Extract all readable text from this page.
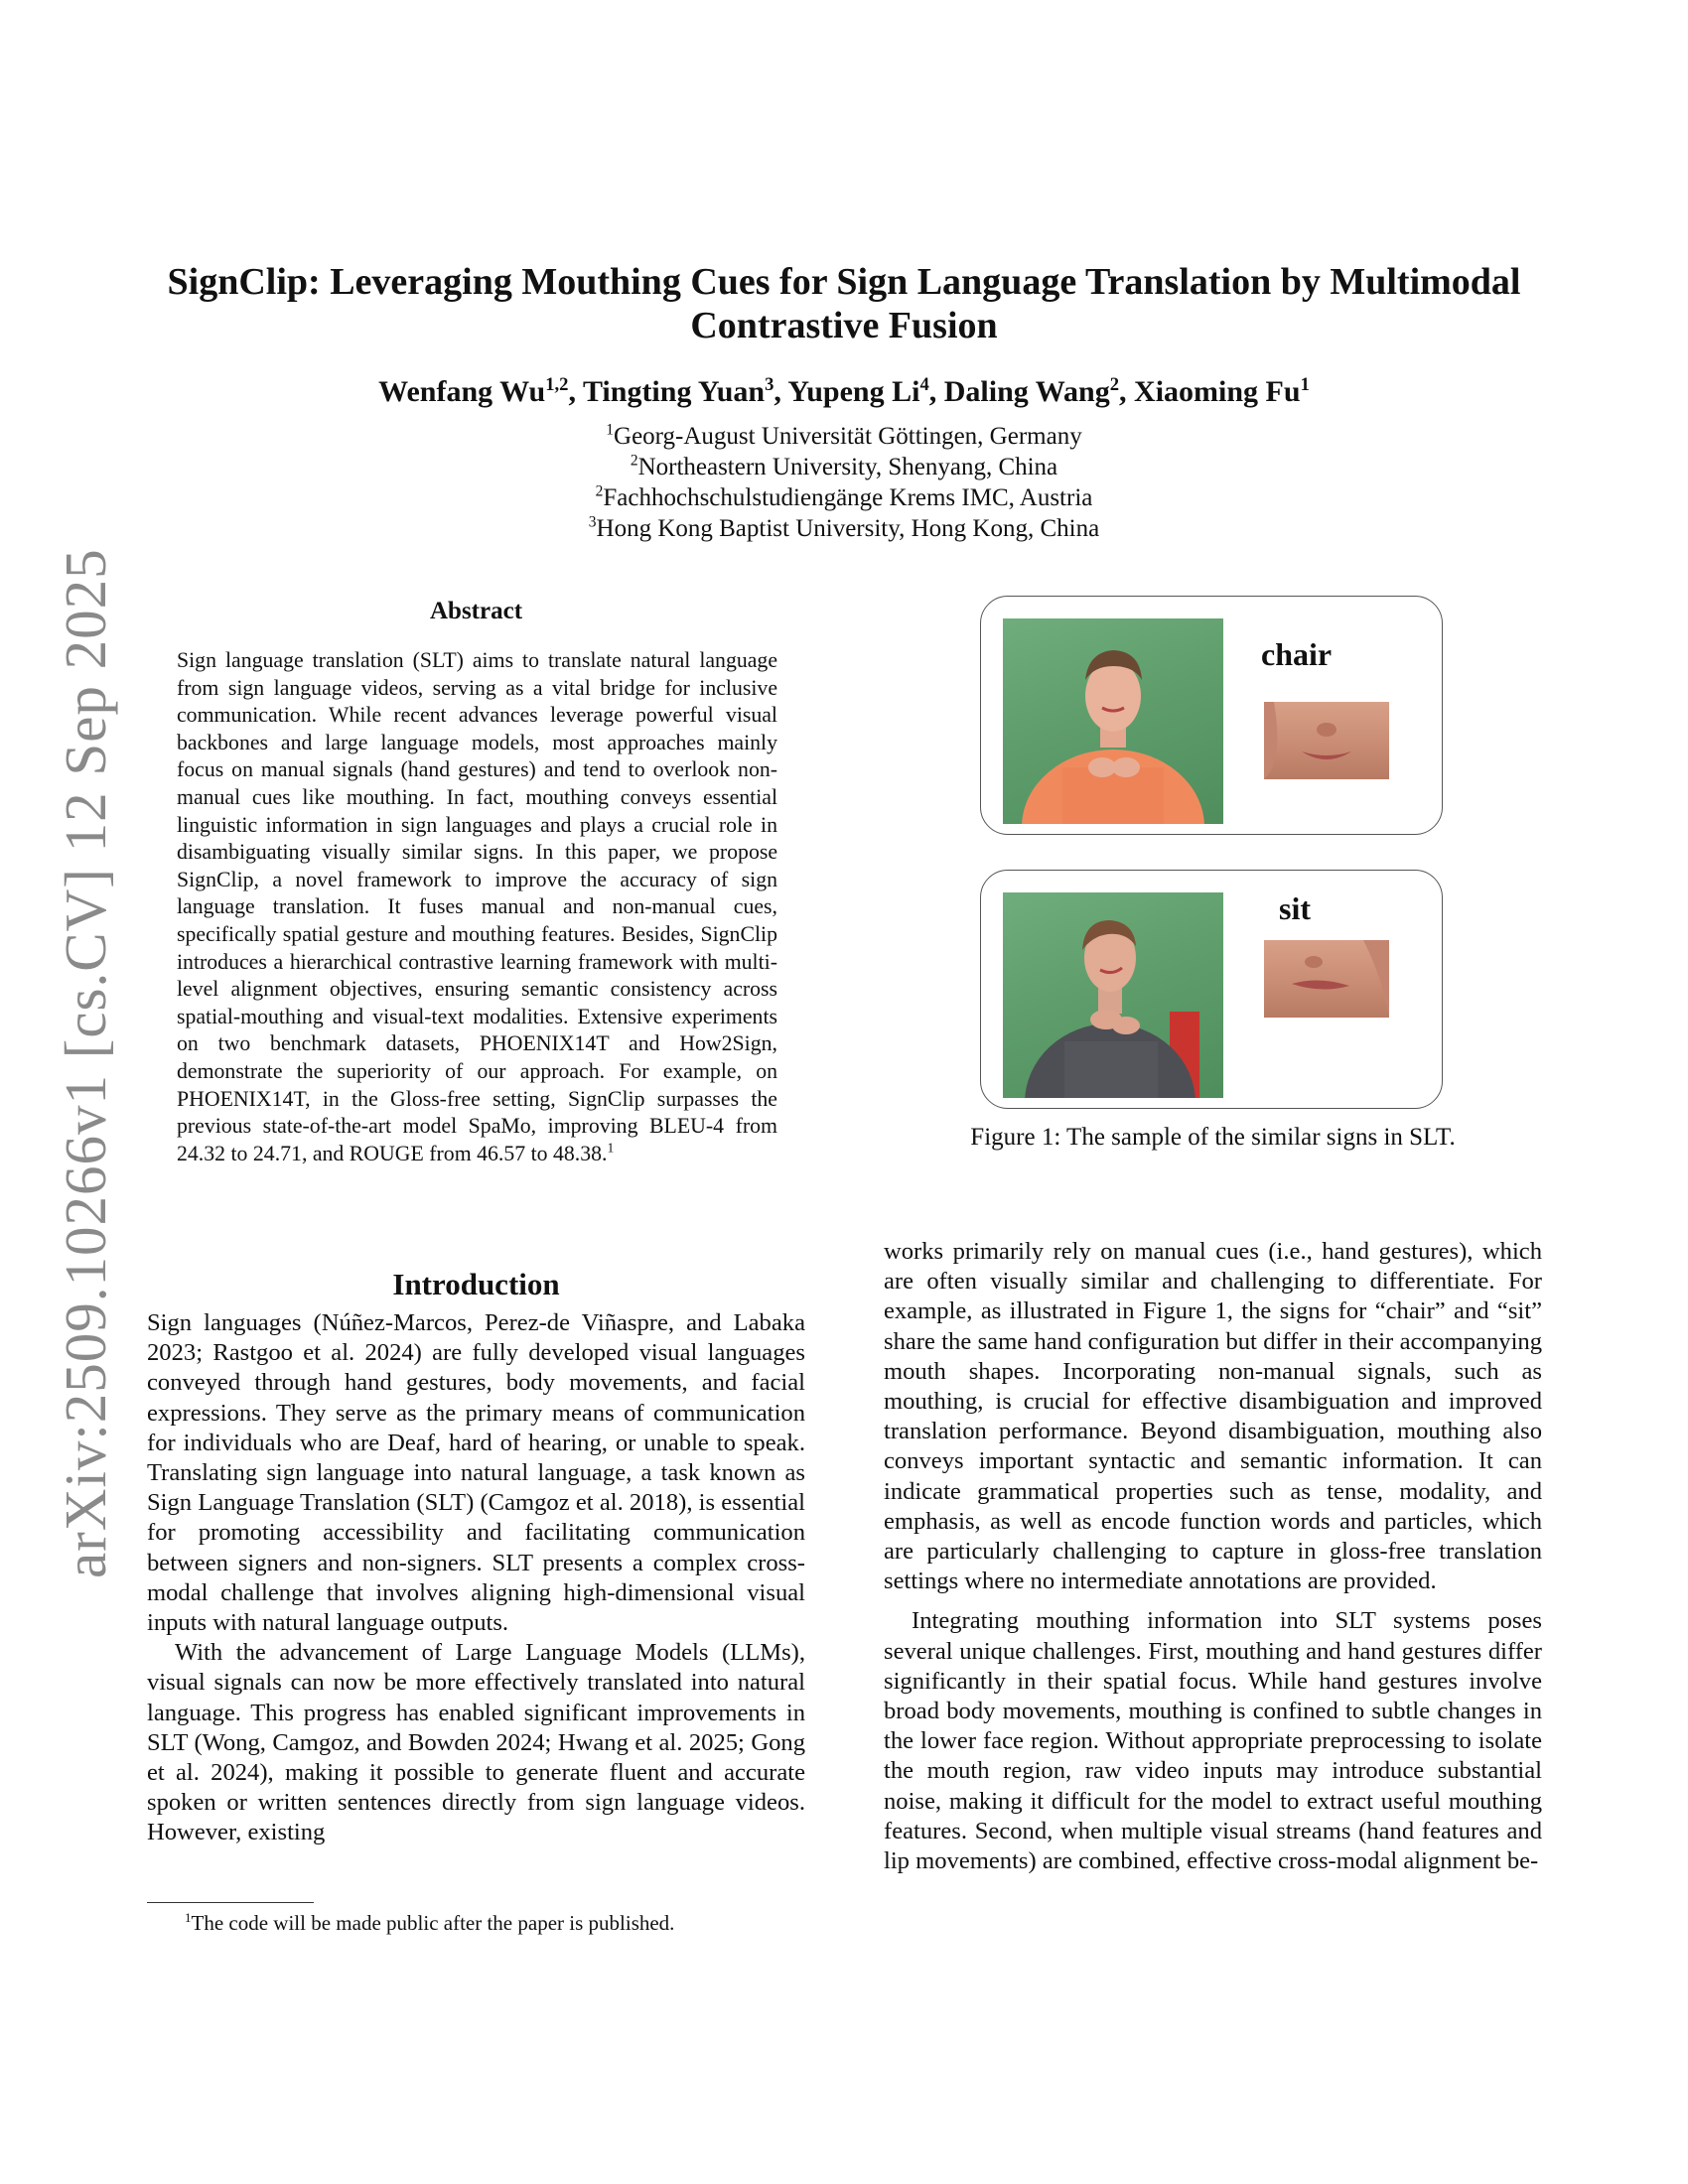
arXiv:2509.10266v1 [cs.CV] 12 Sep 2025
SignClip: Leveraging Mouthing Cues for Sign Language Translation by Multimodal Contrastive Fusion
Wenfang Wu$^{1,2}$, Tingting Yuan$^3$, Yupeng Li$^4$, Daling Wang$^2$, Xiaoming Fu$^1$
$^1$Georg-August Universität Göttingen, Germany
$^2$Northeastern University, Shenyang, China
$^2$Fachhochschulstudiengänge Krems IMC, Austria
$^3$Hong Kong Baptist University, Hong Kong, China
Abstract
Sign language translation (SLT) aims to translate natural language from sign language videos, serving as a vital bridge for inclusive communication. While recent advances leverage powerful visual backbones and large language models, most approaches mainly focus on manual signals (hand gestures) and tend to overlook non-manual cues like mouthing. In fact, mouthing conveys essential linguistic information in sign languages and plays a crucial role in disambiguating visually similar signs. In this paper, we propose SignClip, a novel framework to improve the accuracy of sign language translation. It fuses manual and non-manual cues, specifically spatial gesture and mouthing features. Besides, SignClip introduces a hierarchical contrastive learning framework with multi-level alignment objectives, ensuring semantic consistency across spatial-mouthing and visual-text modalities. Extensive experiments on two benchmark datasets, PHOENIX14T and How2Sign, demonstrate the superiority of our approach. For example, on PHOENIX14T, in the Gloss-free setting, SignClip surpasses the previous state-of-the-art model SpaMo, improving BLEU-4 from 24.32 to 24.71, and ROUGE from 46.57 to 48.38.$^1$
Introduction

Sign languages (Núñez-Marcos, Perez-de Viñaspre, and Labaka 2023; Rastgoo et al. 2024) are fully developed visual languages conveyed through hand gestures, body movements, and facial expressions. They serve as the primary means of communication for individuals who are Deaf, hard of hearing, or unable to speak. Translating sign language into natural language, a task known as Sign Language Translation (SLT) (Camgoz et al. 2018), is essential for promoting accessibility and facilitating communication between signers and non-signers. SLT presents a complex cross-modal challenge that involves aligning high-dimensional visual inputs with natural language outputs.

With the advancement of Large Language Models (LLMs), visual signals can now be more effectively translated into natural language. This progress has enabled significant improvements in SLT (Wong, Camgoz, and Bowden 2024; Hwang et al. 2025; Gong et al. 2024), making it possible to generate fluent and accurate spoken or written sentences directly from sign language videos. However, existing

$^1$The code will be made public after the paper is published.
chair
sit
Figure 1: The sample of the similar signs in SLT.

works primarily rely on manual cues (i.e., hand gestures), which are often visually similar and challenging to differentiate. For example, as illustrated in Figure 1, the signs for “chair” and “sit” share the same hand configuration but differ in their accompanying mouth shapes. Incorporating non-manual signals, such as mouthing, is crucial for effective disambiguation and improved translation performance. Beyond disambiguation, mouthing also conveys important syntactic and semantic information. It can indicate grammatical properties such as tense, modality, and emphasis, as well as encode function words and particles, which are particularly challenging to capture in gloss-free translation settings where no intermediate annotations are provided.

Integrating mouthing information into SLT systems poses several unique challenges. First, mouthing and hand gestures differ significantly in their spatial focus. While hand gestures involve broad body movements, mouthing is confined to subtle changes in the lower face region. Without appropriate preprocessing to isolate the mouth region, raw video inputs may introduce substantial noise, making it difficult for the model to extract useful mouthing features. Second, when multiple visual streams (hand features and lip movements) are combined, effective cross-modal alignment be-
